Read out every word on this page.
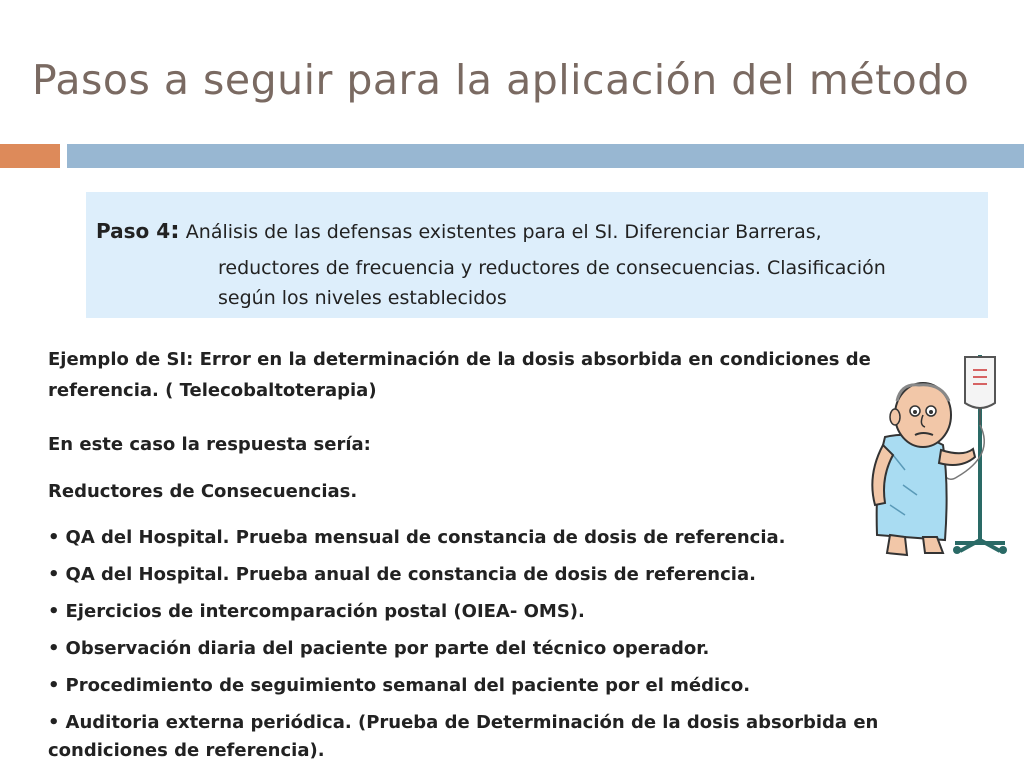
Pasos a seguir para la aplicación del método
Paso 4: Análisis de las defensas existentes para el SI. Diferenciar Barreras,
reductores de frecuencia y reductores de consecuencias. Clasificación
según los niveles establecidos
Ejemplo de SI: Error en la determinación de la dosis absorbida en condiciones de
referencia. ( Telecobaltoterapia)
En este caso la respuesta sería:
Reductores de Consecuencias.
• QA del Hospital. Prueba mensual de constancia de dosis de referencia.
• QA del Hospital. Prueba anual de constancia de dosis de referencia.
• Ejercicios de intercomparación postal (OIEA- OMS).
• Observación diaria del paciente por parte del técnico operador.
• Procedimiento de seguimiento semanal del paciente por el médico.
• Auditoria externa periódica. (Prueba de Determinación de la dosis absorbida en
condiciones de referencia).
